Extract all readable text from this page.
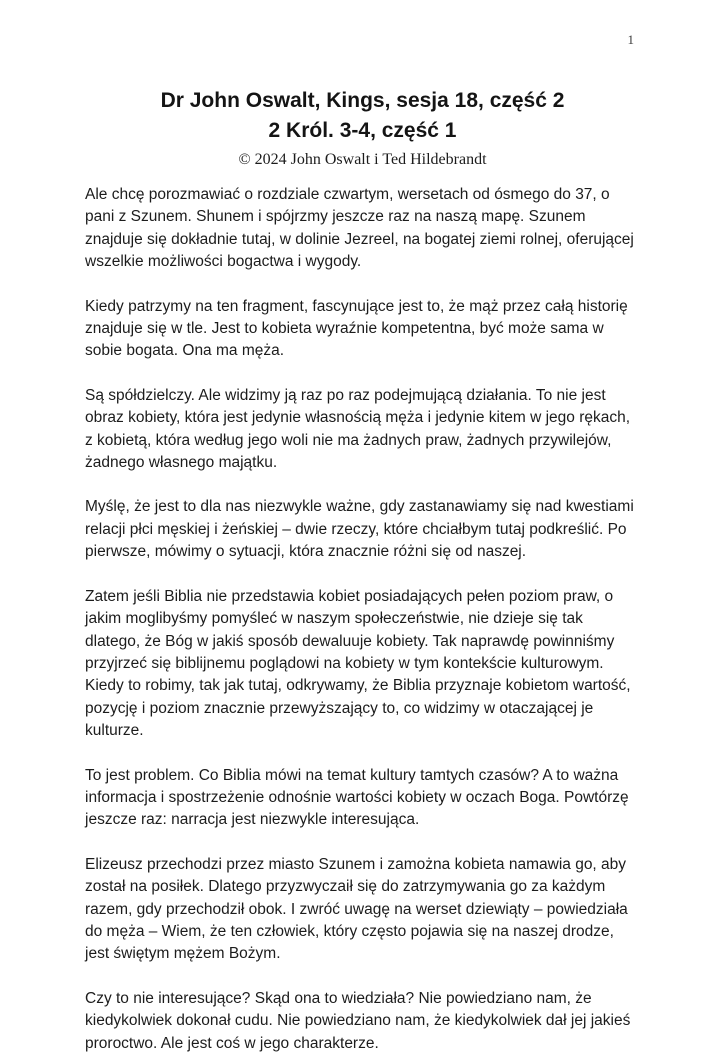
1
Dr John Oswalt, Kings, sesja 18, część 2
2 Król. 3-4, część 1
© 2024 John Oswalt i Ted Hildebrandt

Ale chcę porozmawiać o rozdziale czwartym, wersetach od ósmego do 37, o pani z Szunem. Shunem i spójrzmy jeszcze raz na naszą mapę. Szunem znajduje się dokładnie tutaj, w dolinie Jezreel, na bogatej ziemi rolnej, oferującej wszelkie możliwości bogactwa i wygody.

Kiedy patrzymy na ten fragment, fascynujące jest to, że mąż przez całą historię znajduje się w tle. Jest to kobieta wyraźnie kompetentna, być może sama w sobie bogata. Ona ma męża.

Są spółdzielczy. Ale widzimy ją raz po raz podejmującą działania. To nie jest obraz kobiety, która jest jedynie własnością męża i jedynie kitem w jego rękach, z kobietą, która według jego woli nie ma żadnych praw, żadnych przywilejów, żadnego własnego majątku.

Myślę, że jest to dla nas niezwykle ważne, gdy zastanawiamy się nad kwestiami relacji płci męskiej i żeńskiej – dwie rzeczy, które chciałbym tutaj podkreślić. Po pierwsze, mówimy o sytuacji, która znacznie różni się od naszej.

Zatem jeśli Biblia nie przedstawia kobiet posiadających pełen poziom praw, o jakim moglibyśmy pomyśleć w naszym społeczeństwie, nie dzieje się tak dlatego, że Bóg w jakiś sposób dewaluuje kobiety. Tak naprawdę powinniśmy przyjrzeć się biblijnemu poglądowi na kobiety w tym kontekście kulturowym. Kiedy to robimy, tak jak tutaj, odkrywamy, że Biblia przyznaje kobietom wartość, pozycję i poziom znacznie przewyższający to, co widzimy w otaczającej je kulturze.

To jest problem. Co Biblia mówi na temat kultury tamtych czasów? A to ważna informacja i spostrzeżenie odnośnie wartości kobiety w oczach Boga. Powtórzę jeszcze raz: narracja jest niezwykle interesująca.

Elizeusz przechodzi przez miasto Szunem i zamożna kobieta namawia go, aby został na posiłek. Dlatego przyzwyczaił się do zatrzymywania go za każdym razem, gdy przechodził obok. I zwróć uwagę na werset dziewiąty – powiedziała do męża – Wiem, że ten człowiek, który często pojawia się na naszej drodze, jest świętym mężem Bożym.

Czy to nie interesujące? Skąd ona to wiedziała? Nie powiedziano nam, że kiedykolwiek dokonał cudu. Nie powiedziano nam, że kiedykolwiek dał jej jakieś proroctwo. Ale jest coś w jego charakterze.
